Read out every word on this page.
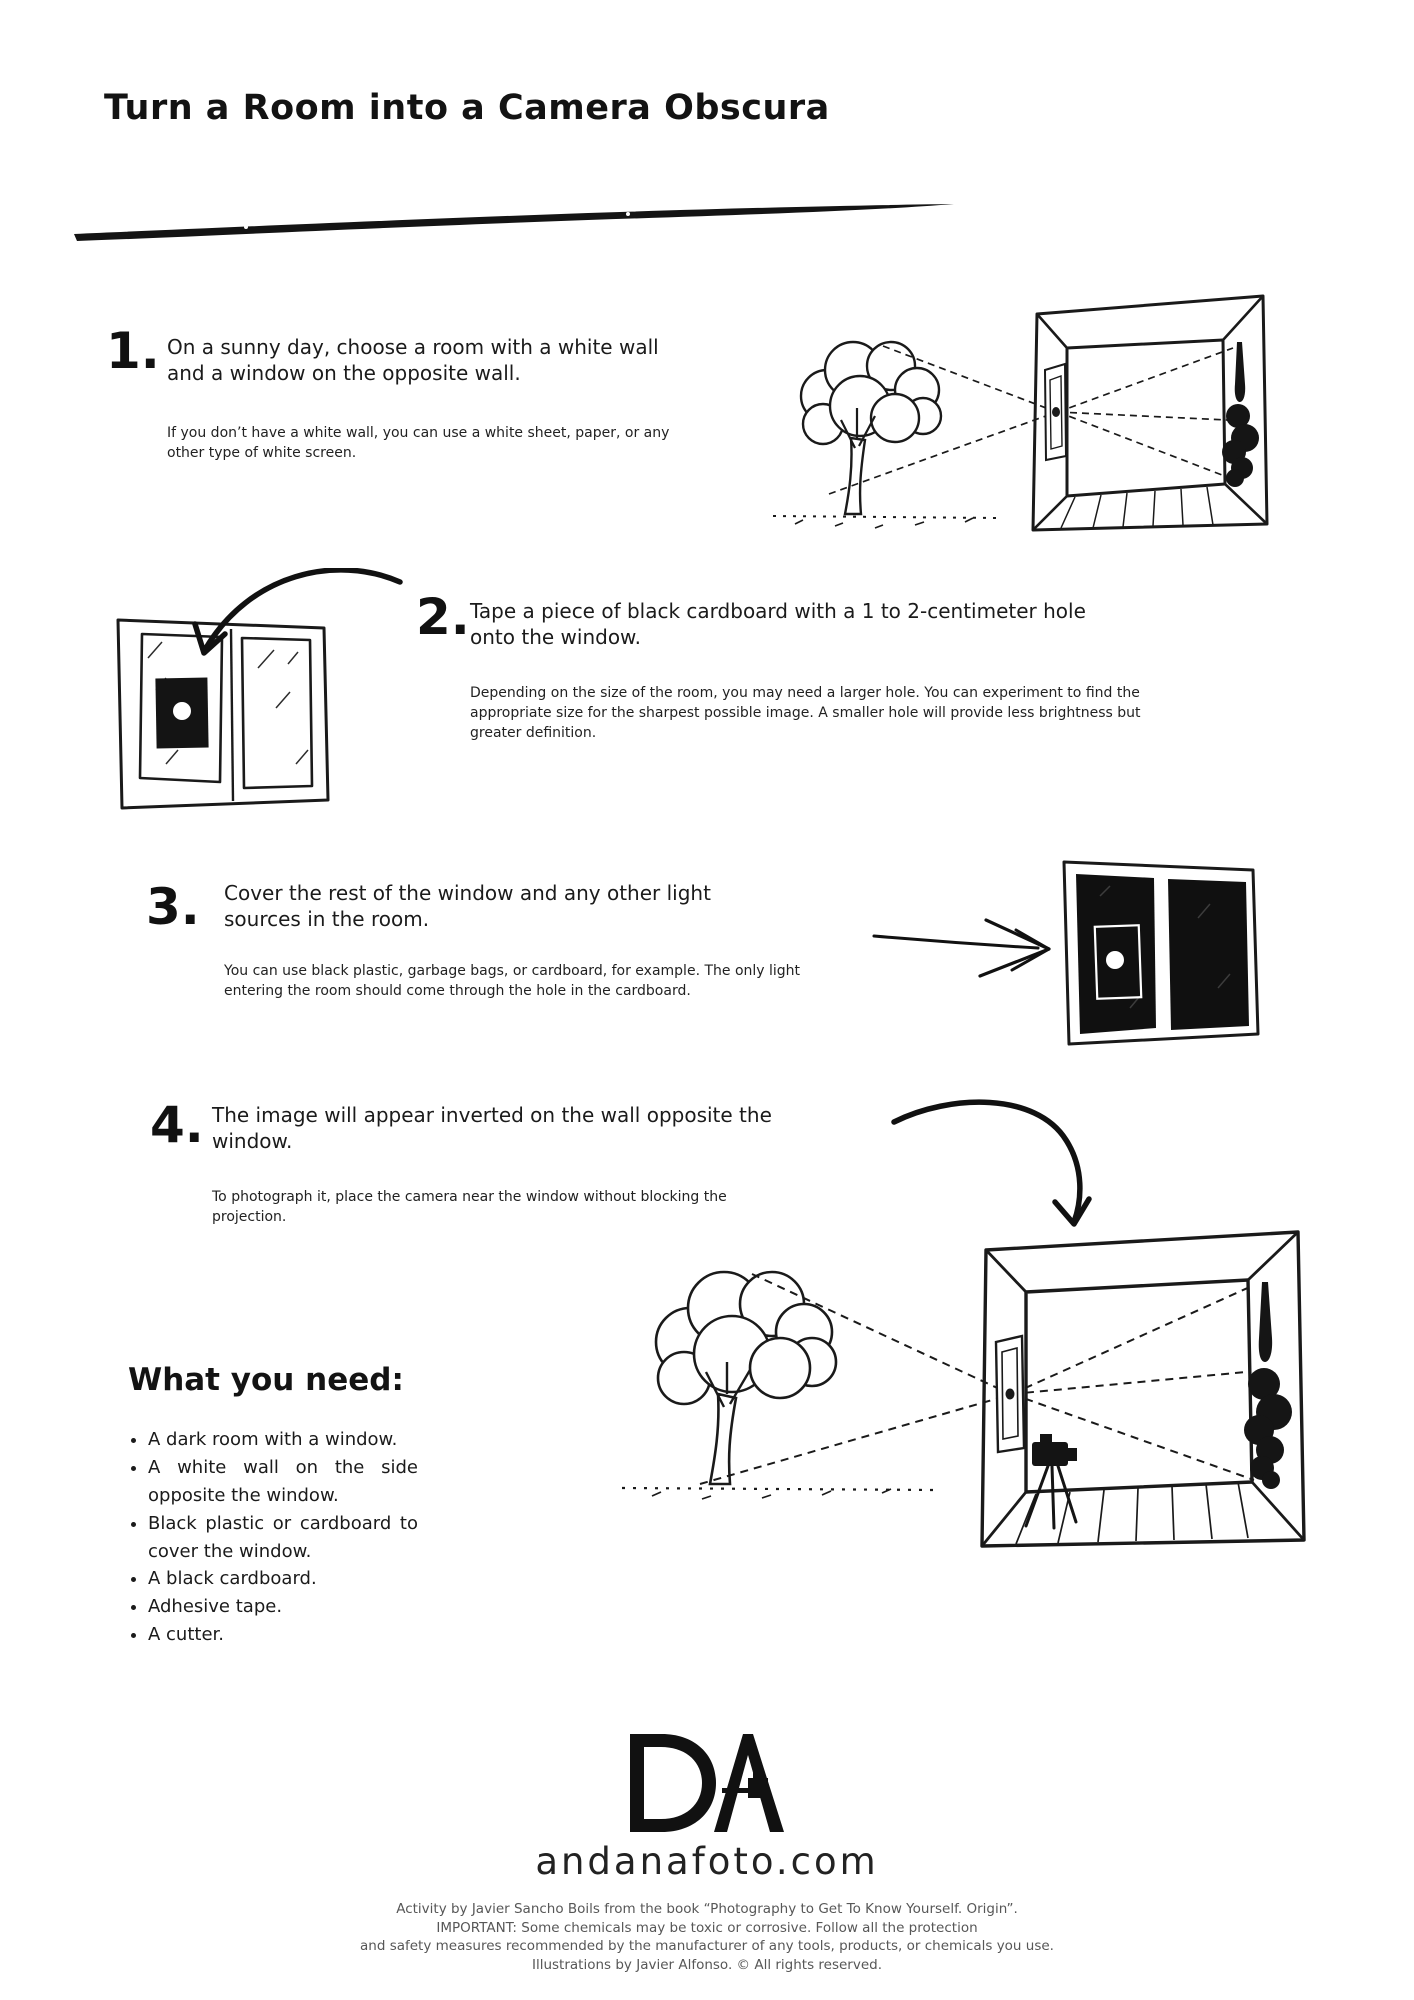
Turn a Room into a Camera Obscura
1. On a sunny day, choose a room with a white wall and a window on the opposite wall.
If you don’t have a white wall, you can use a white sheet, paper, or any other type of white screen.
2. Tape a piece of black cardboard with a 1 to 2-centimeter hole onto the window.
Depending on the size of the room, you may need a larger hole. You can experiment to find the appropriate size for the sharpest possible image. A smaller hole will provide less brightness but greater definition.
3. Cover the rest of the window and any other light sources in the room.
You can use black plastic, garbage bags, or cardboard, for example. The only light entering the room should come through the hole in the cardboard.
4. The image will appear inverted on the wall opposite the window.
To photograph it, place the camera near the window without blocking the projection.
What you need:
• A dark room with a window.
• A white wall on the side opposite the window.
• Black plastic or cardboard to cover the window.
• A black cardboard.
• Adhesive tape.
• A cutter.
andanafoto.com
Activity by Javier Sancho Boils from the book “Photography to Get To Know Yourself. Origin”.
IMPORTANT: Some chemicals may be toxic or corrosive. Follow all the protection
and safety measures recommended by the manufacturer of any tools, products, or chemicals you use.
Illustrations by Javier Alfonso. © All rights reserved.
